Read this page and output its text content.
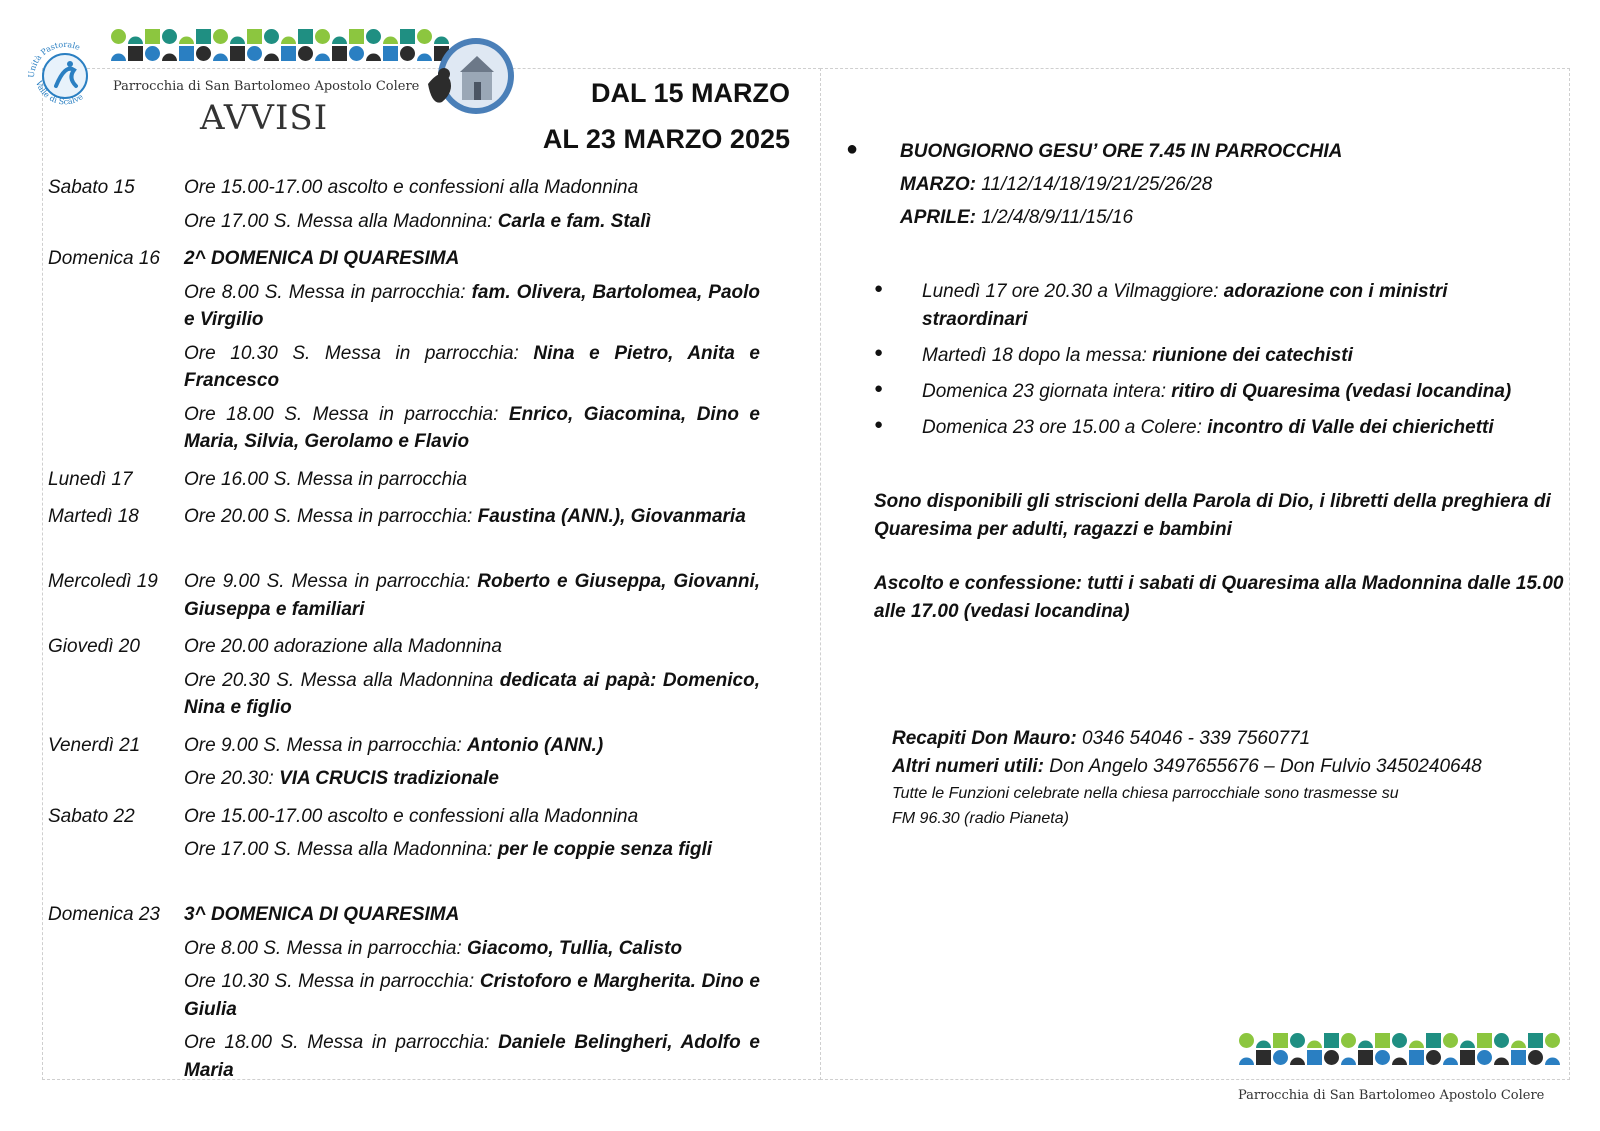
Unità Pastorale
Valle di Scalve
Parrocchia di San Bartolomeo Apostolo Colere
AVVISI
DAL 15 MARZO
AL 23 MARZO 2025
Sabato 15	Ore 15.00-17.00 ascolto e confessioni alla Madonnina
Ore 17.00 S. Messa alla Madonnina: Carla e fam. Stalì
Domenica 16	2^ DOMENICA DI QUARESIMA
Ore 8.00 S. Messa in parrocchia: fam. Olivera, Bartolomea, Paolo e Virgilio
Ore 10.30 S. Messa in parrocchia: Nina e Pietro, Anita e Francesco
Ore 18.00 S. Messa in parrocchia: Enrico, Giacomina, Dino e Maria, Silvia, Gerolamo e Flavio
Lunedì 17	Ore 16.00 S. Messa in parrocchia
Martedì 18	Ore 20.00 S. Messa in parrocchia: Faustina (ANN.), Giovanmaria
Mercoledì 19	Ore 9.00 S. Messa in parrocchia: Roberto e Giuseppa, Giovanni, Giuseppa e familiari
Giovedì 20	Ore 20.00 adorazione alla Madonnina
Ore 20.30 S. Messa alla Madonnina dedicata ai papà: Domenico, Nina e figlio
Venerdì 21	Ore 9.00 S. Messa in parrocchia: Antonio (ANN.)
Ore 20.30: VIA CRUCIS tradizionale
Sabato 22	Ore 15.00-17.00 ascolto e confessioni alla Madonnina
Ore 17.00 S. Messa alla Madonnina: per le coppie senza figli
Domenica 23	3^ DOMENICA DI QUARESIMA
Ore 8.00 S. Messa in parrocchia: Giacomo, Tullia, Calisto
Ore 10.30 S. Messa in parrocchia: Cristoforo e Margherita. Dino e Giulia
Ore 18.00 S. Messa in parrocchia: Daniele Belingheri, Adolfo e Maria
● BUONGIORNO GESU’ ORE 7.45 IN PARROCCHIA
MARZO: 11/12/14/18/19/21/25/26/28
APRILE: 1/2/4/8/9/11/15/16
● Lunedì 17 ore 20.30 a Vilmaggiore: adorazione con i ministri straordinari
● Martedì 18 dopo la messa: riunione dei catechisti
● Domenica 23 giornata intera: ritiro di Quaresima (vedasi locandina)
● Domenica 23 ore 15.00 a Colere: incontro di Valle dei chierichetti
Sono disponibili gli striscioni della Parola di Dio, i libretti della preghiera di Quaresima per adulti, ragazzi e bambini
Ascolto e confessione: tutti i sabati di Quaresima alla Madonnina dalle 15.00 alle 17.00 (vedasi locandina)
Recapiti Don Mauro: 0346 54046 - 339 7560771
Altri numeri utili: Don Angelo 3497655676 – Don Fulvio 3450240648
Tutte le Funzioni celebrate nella chiesa parrocchiale sono trasmesse su
FM 96.30 (radio Pianeta)
Parrocchia di San Bartolomeo Apostolo Colere
